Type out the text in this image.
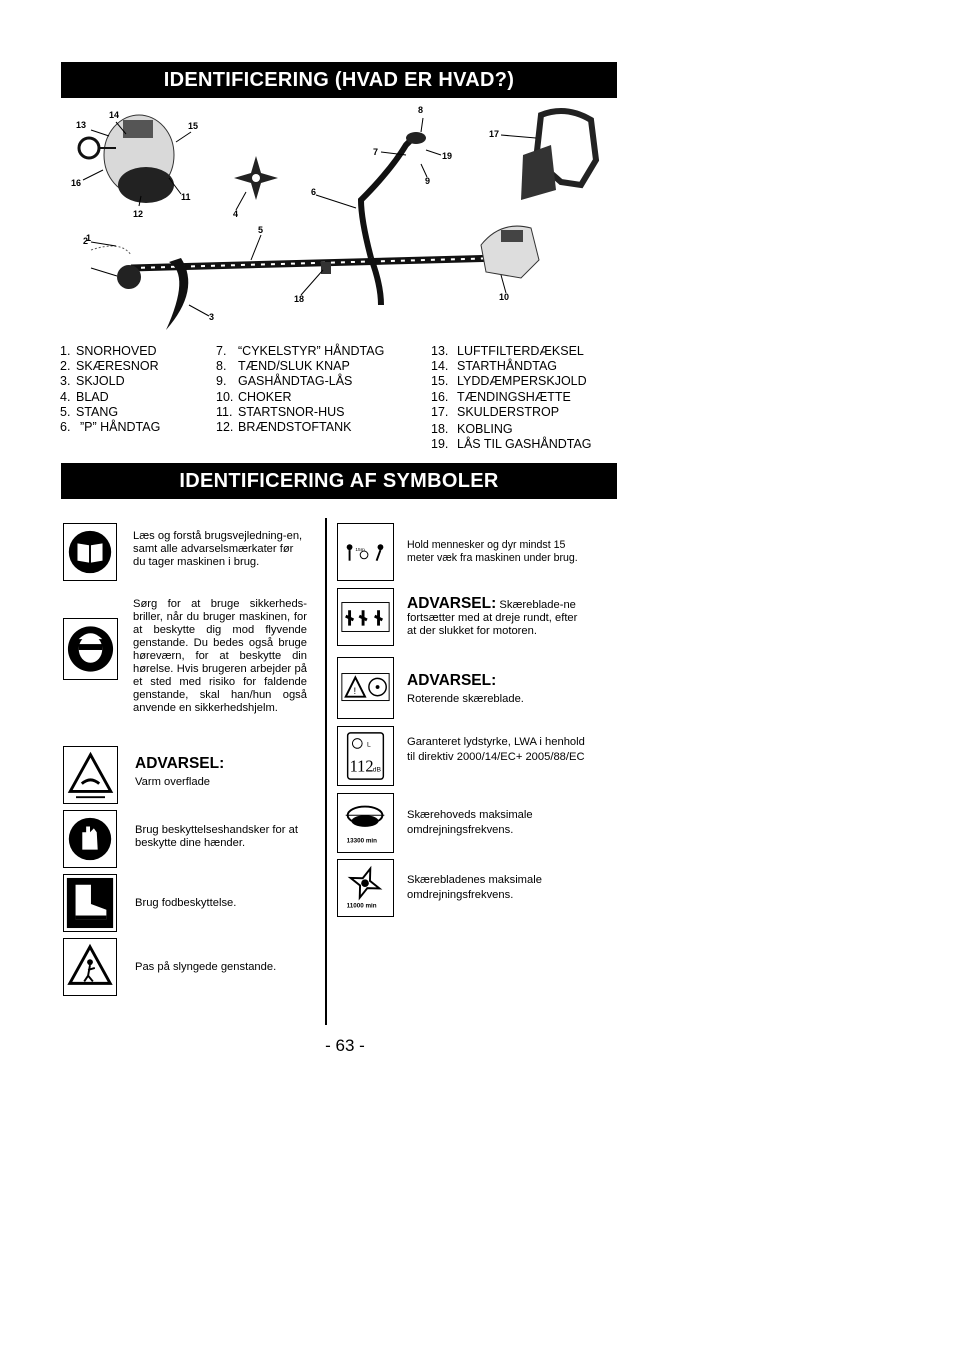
IDENTIFICERING (HVAD ER HVAD?)
1
2
3
4
5
6
7
8
9
10
11
12
13
14
15
16
17
18
19
1. SNORHOVED
2. SKÆRESNOR
3. SKJOLD
4. BLAD
5. STANG
6. ”P” HÅNDTAG
7. “CYKELSTYR” HÅNDTAG
8. TÆND/SLUK KNAP
9. GASHÅNDTAG-LÅS
10. CHOKER
11. STARTSNOR-HUS
12. BRÆNDSTOFTANK
13. LUFTFILTERDÆKSEL
14. STARTHÅNDTAG
15. LYDDÆMPERSKJOLD
16. TÆNDINGSHÆTTE
17. SKULDERSTROP
18. KOBLING
19. LÅS TIL GASHÅNDTAG
IDENTIFICERING AF SYMBOLER
Læs og forstå brugsvejledning-en, samt alle advarselsmærkater før du tager maskinen i brug.
Sørg for at bruge sikkerheds-briller, når du bruger maskinen, for at beskytte dig mod flyvende genstande. Du bedes også bruge høreværn, for at beskytte din hørelse. Hvis brugeren arbejder på et sted med risiko for faldende genstande, skal han/hun også anvende en sikkerhedshjelm.
ADVARSEL:
Varm overflade
Brug beskyttelseshandsker for at beskytte dine hænder.
Brug fodbeskyttelse.
Pas på slyngede genstande.
15m	Hold mennesker og dyr mindst 15 meter væk fra maskinen under brug.
ADVARSEL: Skæreblade-ne fortsætter med at dreje rundt, efter at der slukket for motoren.
!
ADVARSEL:
Roterende skæreblade.
L
112 dB
Garanteret lydstyrke, LWA i henhold til direktiv 2000/14/EC+ 2005/88/EC
13300 min
Skærehoveds maksimale omdrejningsfrekvens.
11000 min
Skærebladenes maksimale omdrejningsfrekvens.
- 63 -
